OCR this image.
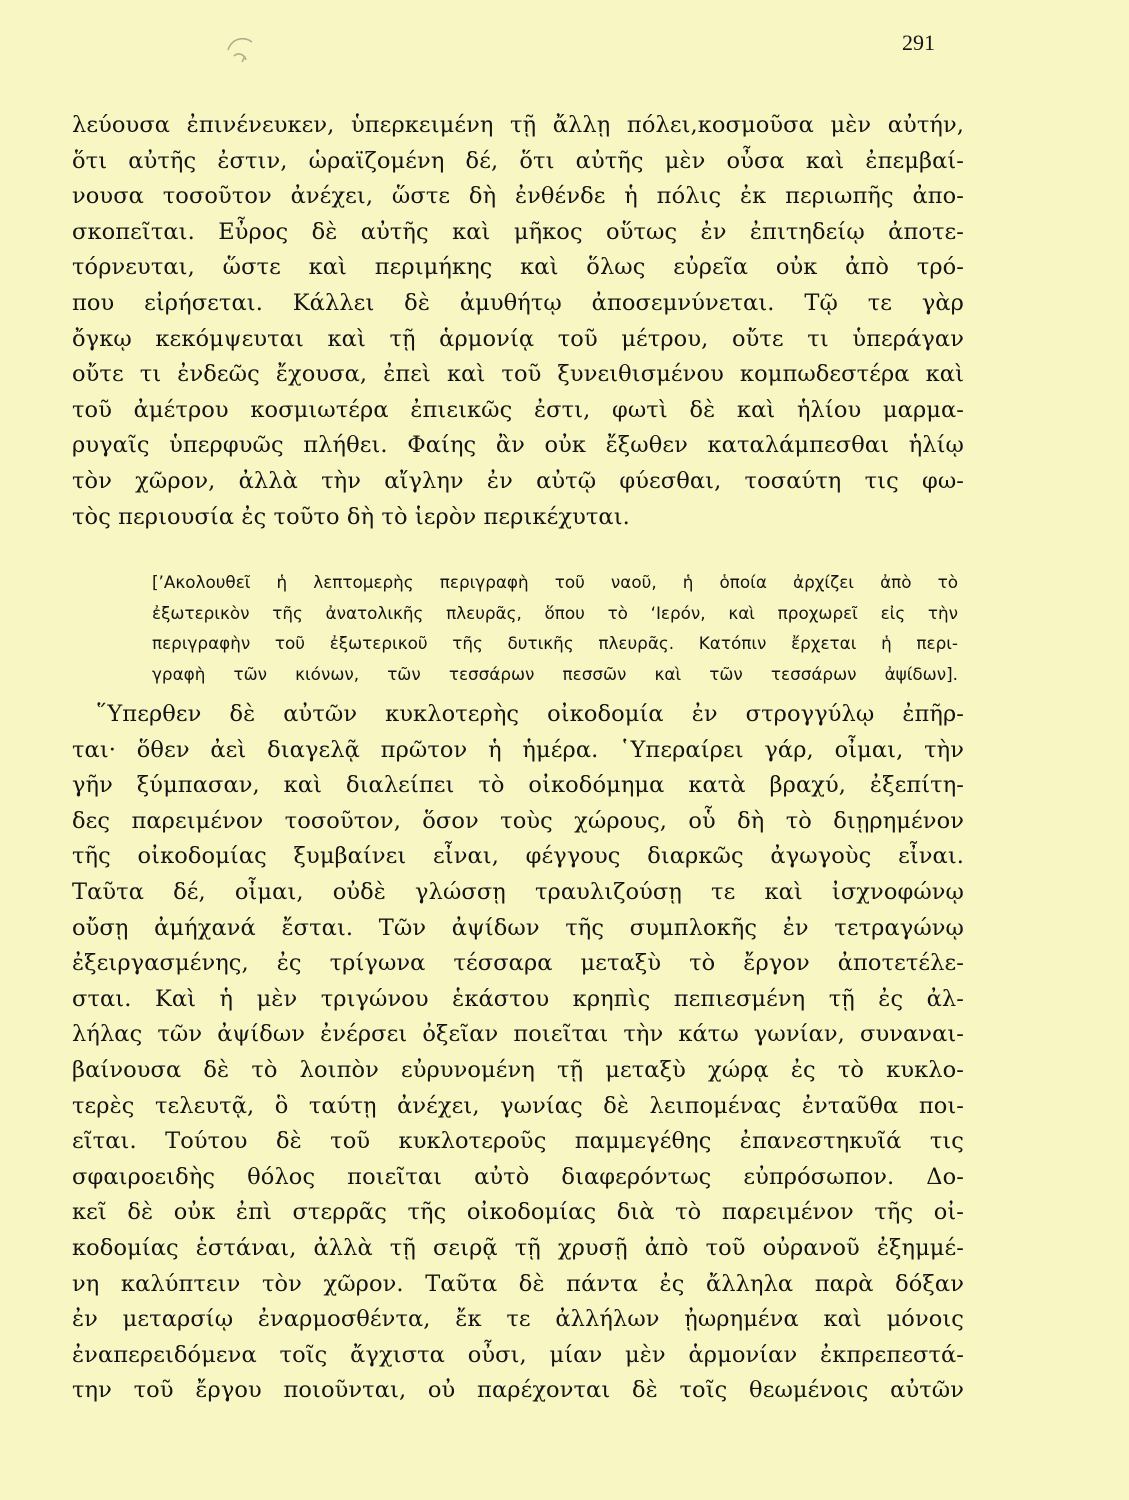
291
λεύουσα ἐπινένευκεν, ὑπερκειμένη τῇ ἄλλῃ πόλει,κοσμοῦσα μὲν αὐτήν,
ὅτι αὐτῆς ἐστιν, ὡραϊζομένη δέ, ὅτι αὐτῆς μὲν οὖσα καὶ ἐπεμβαί-
νουσα τοσοῦτον ἀνέχει, ὥστε δὴ ἐνθένδε ἡ πόλις ἐκ περιωπῆς ἀπο-
σκοπεῖται. Εὖρος δὲ αὐτῆς καὶ μῆκος οὕτως ἐν ἐπιτηδείῳ ἀποτε-
τόρνευται, ὥστε καὶ περιμήκης καὶ ὅλως εὐρεῖα οὐκ ἀπὸ τρό-
που εἰρήσεται. Κάλλει δὲ ἀμυθήτῳ ἀποσεμνύνεται. Τῷ τε γὰρ
ὄγκῳ κεκόμψευται καὶ τῇ ἁρμονίᾳ τοῦ μέτρου, οὔτε τι ὑπεράγαν
οὔτε τι ἐνδεῶς ἔχουσα, ἐπεὶ καὶ τοῦ ξυνειθισμένου κομπωδεστέρα καὶ
τοῦ ἀμέτρου κοσμιωτέρα ἐπιεικῶς ἐστι, φωτὶ δὲ καὶ ἡλίου μαρμα-
ρυγαῖς ὑπερφυῶς πλήθει. Φαίης ἂν οὐκ ἔξωθεν καταλάμπεσθαι ἡλίῳ
τὸν χῶρον, ἀλλὰ τὴν αἴγλην ἐν αὐτῷ φύεσθαι, τοσαύτη τις φω-
τὸς περιουσία ἐς τοῦτο δὴ τὸ ἱερὸν περικέχυται.
[’Ακολουθεῖ ἡ λεπτομερὴς περιγραφὴ τοῦ ναοῦ, ἡ ὁποία ἀρχίζει ἀπὸ τὸ
ἐξωτερικὸν τῆς ἀνατολικῆς πλευρᾶς, ὅπου τὸ ‘Ιερόν, καὶ προχωρεῖ εἰς τὴν
περιγραφὴν τοῦ ἐξωτερικοῦ τῆς δυτικῆς πλευρᾶς. Κατόπιν ἔρχεται ἡ περι-
γραφὴ τῶν κιόνων, τῶν τεσσάρων πεσσῶν καὶ τῶν τεσσάρων ἀψίδων].
῞Υπερθεν δὲ αὐτῶν κυκλοτερὴς οἰκοδομία ἐν στρογγύλῳ ἐπῆρ-
ται· ὅθεν ἀεὶ διαγελᾷ πρῶτον ἡ ἡμέρα. ῾Υπεραίρει γάρ, οἶμαι, τὴν
γῆν ξύμπασαν, καὶ διαλείπει τὸ οἰκοδόμημα κατὰ βραχύ, ἐξεπίτη-
δες παρειμένον τοσοῦτον, ὅσον τοὺς χώρους, οὗ δὴ τὸ διῃρημένον
τῆς οἰκοδομίας ξυμβαίνει εἶναι, φέγγους διαρκῶς ἀγωγοὺς εἶναι.
Ταῦτα δέ, οἶμαι, οὐδὲ γλώσσῃ τραυλιζούσῃ τε καὶ ἰσχνοφώνῳ
οὔσῃ ἀμήχανά ἔσται. Τῶν ἀψίδων τῆς συμπλοκῆς ἐν τετραγώνῳ
ἐξειργασμένης, ἐς τρίγωνα τέσσαρα μεταξὺ τὸ ἔργον ἀποτετέλε-
σται. Καὶ ἡ μὲν τριγώνου ἑκάστου κρηπὶς πεπιεσμένη τῇ ἐς ἀλ-
λήλας τῶν ἀψίδων ἐνέρσει ὀξεῖαν ποιεῖται τὴν κάτω γωνίαν, συναναι-
βαίνουσα δὲ τὸ λοιπὸν εὐρυνομένη τῇ μεταξὺ χώρᾳ ἐς τὸ κυκλο-
τερὲς τελευτᾷ, ὃ ταύτῃ ἀνέχει, γωνίας δὲ λειπομένας ἐνταῦθα ποι-
εῖται. Τούτου δὲ τοῦ κυκλοτεροῦς παμμεγέθης ἐπανεστηκυῖά τις
σφαιροειδὴς θόλος ποιεῖται αὐτὸ διαφερόντως εὐπρόσωπον. Δο-
κεῖ δὲ οὐκ ἐπὶ στερρᾶς τῆς οἰκοδομίας διὰ τὸ παρειμένον τῆς οἰ-
κοδομίας ἑστάναι, ἀλλὰ τῇ σειρᾷ τῇ χρυσῇ ἀπὸ τοῦ οὐρανοῦ ἐξημμέ-
νη καλύπτειν τὸν χῶρον. Ταῦτα δὲ πάντα ἐς ἄλληλα παρὰ δόξαν
ἐν μεταρσίῳ ἐναρμοσθέντα, ἔκ τε ἀλλήλων ᾐωρημένα καὶ μόνοις
ἐναπερειδόμενα τοῖς ἄγχιστα οὖσι, μίαν μὲν ἁρμονίαν ἐκπρεπεστά-
την τοῦ ἔργου ποιοῦνται, οὐ παρέχονται δὲ τοῖς θεωμένοις αὐτῶν
